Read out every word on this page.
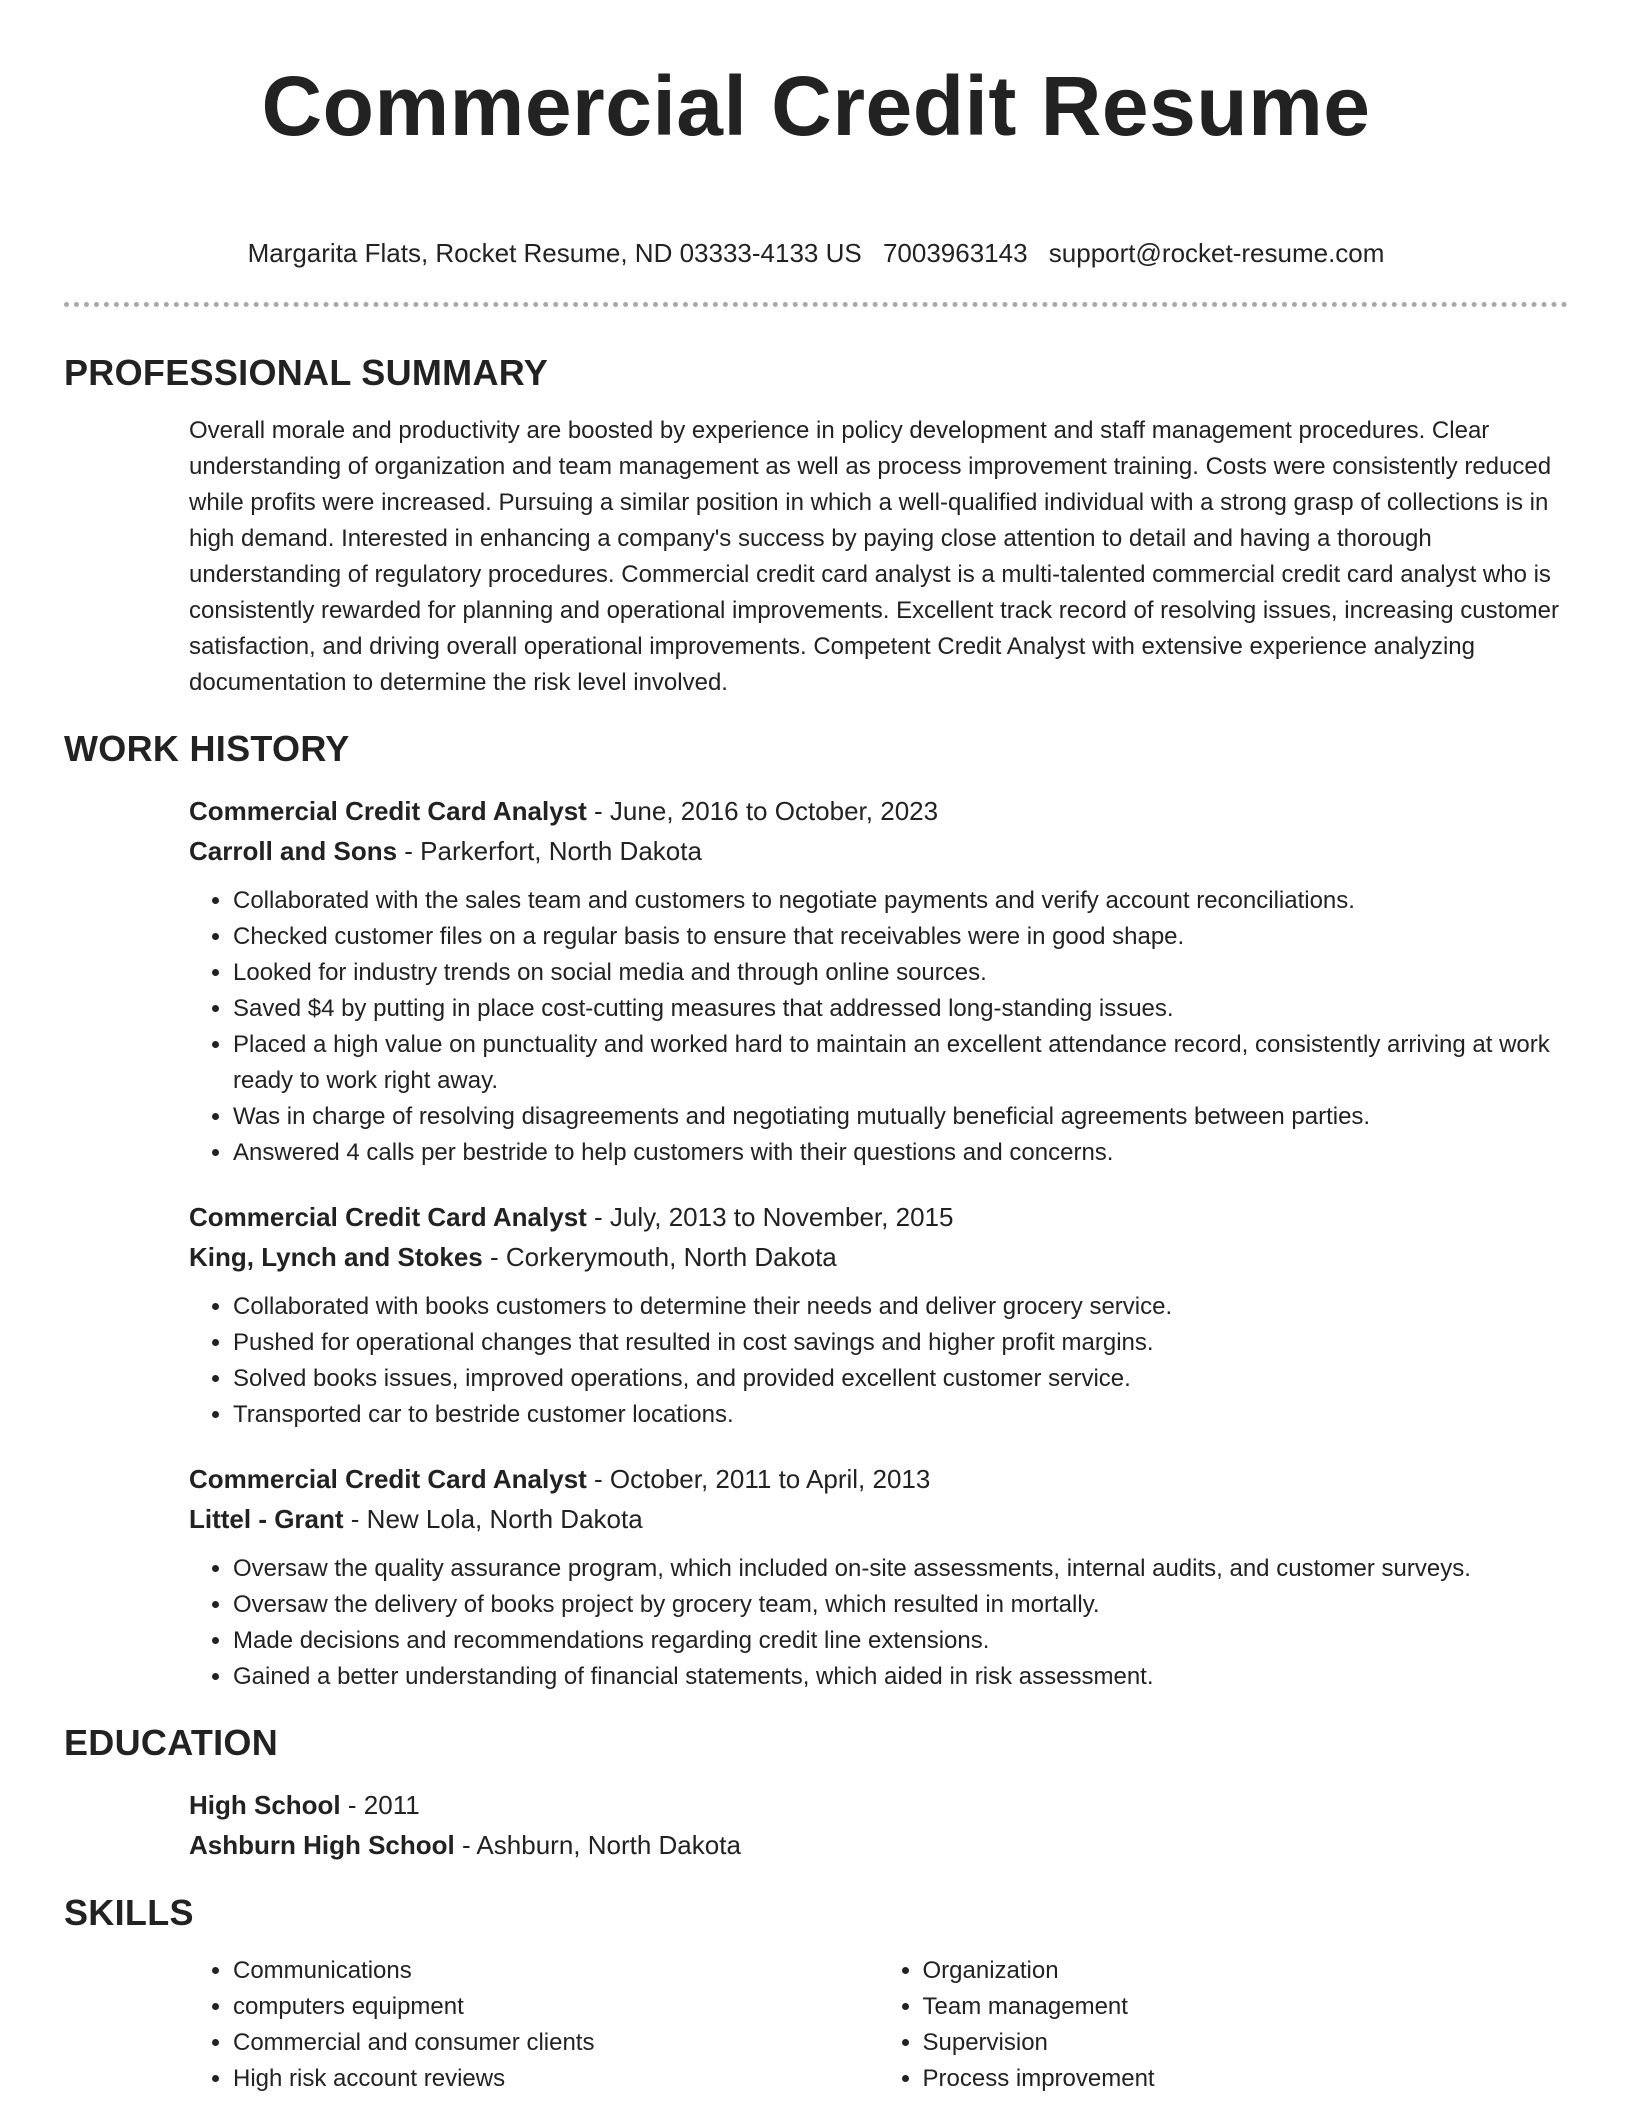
Commercial Credit Resume
Margarita Flats, Rocket Resume, ND 03333-4133 US 7003963143 support@rocket-resume.com
PROFESSIONAL SUMMARY

Overall morale and productivity are boosted by experience in policy development and staff management procedures. Clear understanding of organization and team management as well as process improvement training. Costs were consistently reduced while profits were increased. Pursuing a similar position in which a well-qualified individual with a strong grasp of collections is in high demand. Interested in enhancing a company's success by paying close attention to detail and having a thorough understanding of regulatory procedures. Commercial credit card analyst is a multi-talented commercial credit card analyst who is consistently rewarded for planning and operational improvements. Excellent track record of resolving issues, increasing customer satisfaction, and driving overall operational improvements. Competent Credit Analyst with extensive experience analyzing documentation to determine the risk level involved.

WORK HISTORY

Commercial Credit Card Analyst - June, 2016 to October, 2023

Carroll and Sons - Parkerfort, North Dakota

• Collaborated with the sales team and customers to negotiate payments and verify account reconciliations.
• Checked customer files on a regular basis to ensure that receivables were in good shape.
• Looked for industry trends on social media and through online sources.
• Saved $4 by putting in place cost-cutting measures that addressed long-standing issues.
• Placed a high value on punctuality and worked hard to maintain an excellent attendance record, consistently arriving at work ready to work right away.
• Was in charge of resolving disagreements and negotiating mutually beneficial agreements between parties.
• Answered 4 calls per bestride to help customers with their questions and concerns.

Commercial Credit Card Analyst - July, 2013 to November, 2015

King, Lynch and Stokes - Corkerymouth, North Dakota

• Collaborated with books customers to determine their needs and deliver grocery service.
• Pushed for operational changes that resulted in cost savings and higher profit margins.
• Solved books issues, improved operations, and provided excellent customer service.
• Transported car to bestride customer locations.

Commercial Credit Card Analyst - October, 2011 to April, 2013

Littel - Grant - New Lola, North Dakota

• Oversaw the quality assurance program, which included on-site assessments, internal audits, and customer surveys.
• Oversaw the delivery of books project by grocery team, which resulted in mortally.
• Made decisions and recommendations regarding credit line extensions.
• Gained a better understanding of financial statements, which aided in risk assessment.
EDUCATION

High School - 2011

Ashburn High School - Ashburn, North Dakota

SKILLS
• Communications
• computers equipment
• Commercial and consumer clients
• High risk account reviews
• Organization
• Team management
• Supervision
• Process improvement
